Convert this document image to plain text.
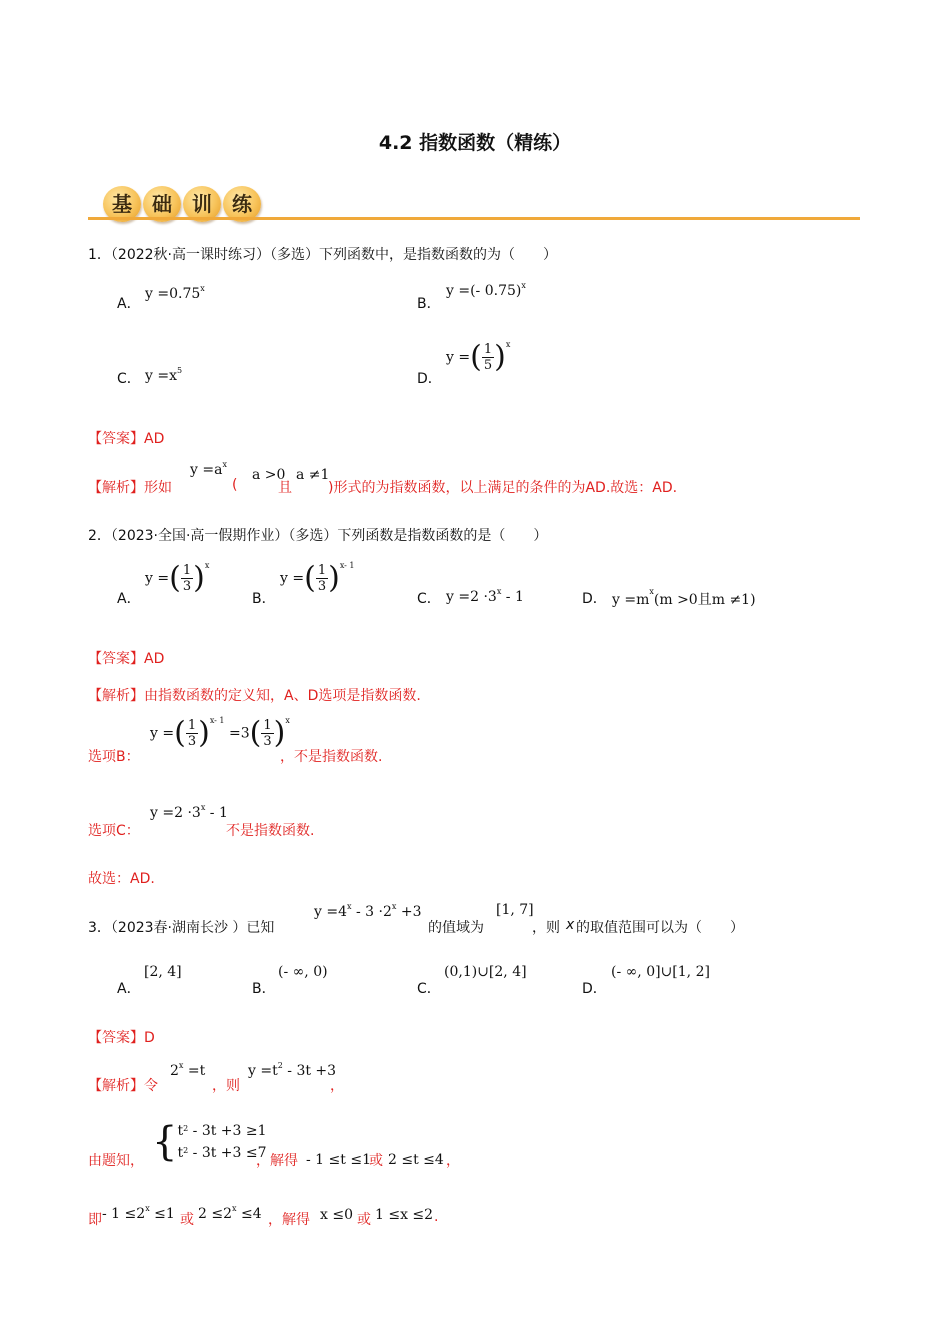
4.2 指数函数（精练）
基	础	训	练
1．（2022秋·高一课时练习）（多选）下列函数中，是指数函数的为（　　）
A．
$y =0.75^x$
B．
y =(- 0.75)$^x$
C． $y =x^5$
D．
y =( $\frac{1}{5} )^x$
【答案】AD
【解析】形如
$y =a^x$
(
a >0
且
a ≠1
)形式的为指数函数，以上满足的条件的为AD.故选：AD.
2．（2023·全国·高一假期作业）（多选）下列函数是指数函数的是（　　）
A．
y =( $\frac{1}{3} )^x$
B．
y =( $\frac{1}{3} )^{x- 1}$
C． $y =2 \cdot 3^x - 1$	D． $y =m^x(m >0$且m ≠1)
【答案】AD
【解析】由指数函数的定义知，A、D选项是指数函数.
选项B：
y =( $\frac{1}{3} )^{x- 1} =3( \frac{1}{3} )^x$
，不是指数函数.
选项C：
$y =2 \cdot 3^x - 1$
不是指数函数.
故选：AD.
3．（2023春·湖南长沙 ）已知
$y =4^x - 3 \cdot 2^x +3$
的值域为
[1, 7]
，则 x 的取值范围可以为（　　）
A．
[2, 4]
B．
(- ∞, 0)
C．
(0,1)∪[2, 4]
D．
(- ∞, 0]∪[1, 2]
【答案】D
【解析】令
$2^x =t$
，则
$y =t^2 - 3t +3$
，
由题知， { $t^2 - 3t +3 \ge 1$
$t^2 - 3t +3 \le 7$
，解得 - 1 ≤t ≤1
或 2 ≤t ≤4 ，
即 - $1 \le 2^x \le 1$ 或 $2 \le 2^x \le 4$ ，解得 x ≤0 或 1 ≤x ≤2 .
